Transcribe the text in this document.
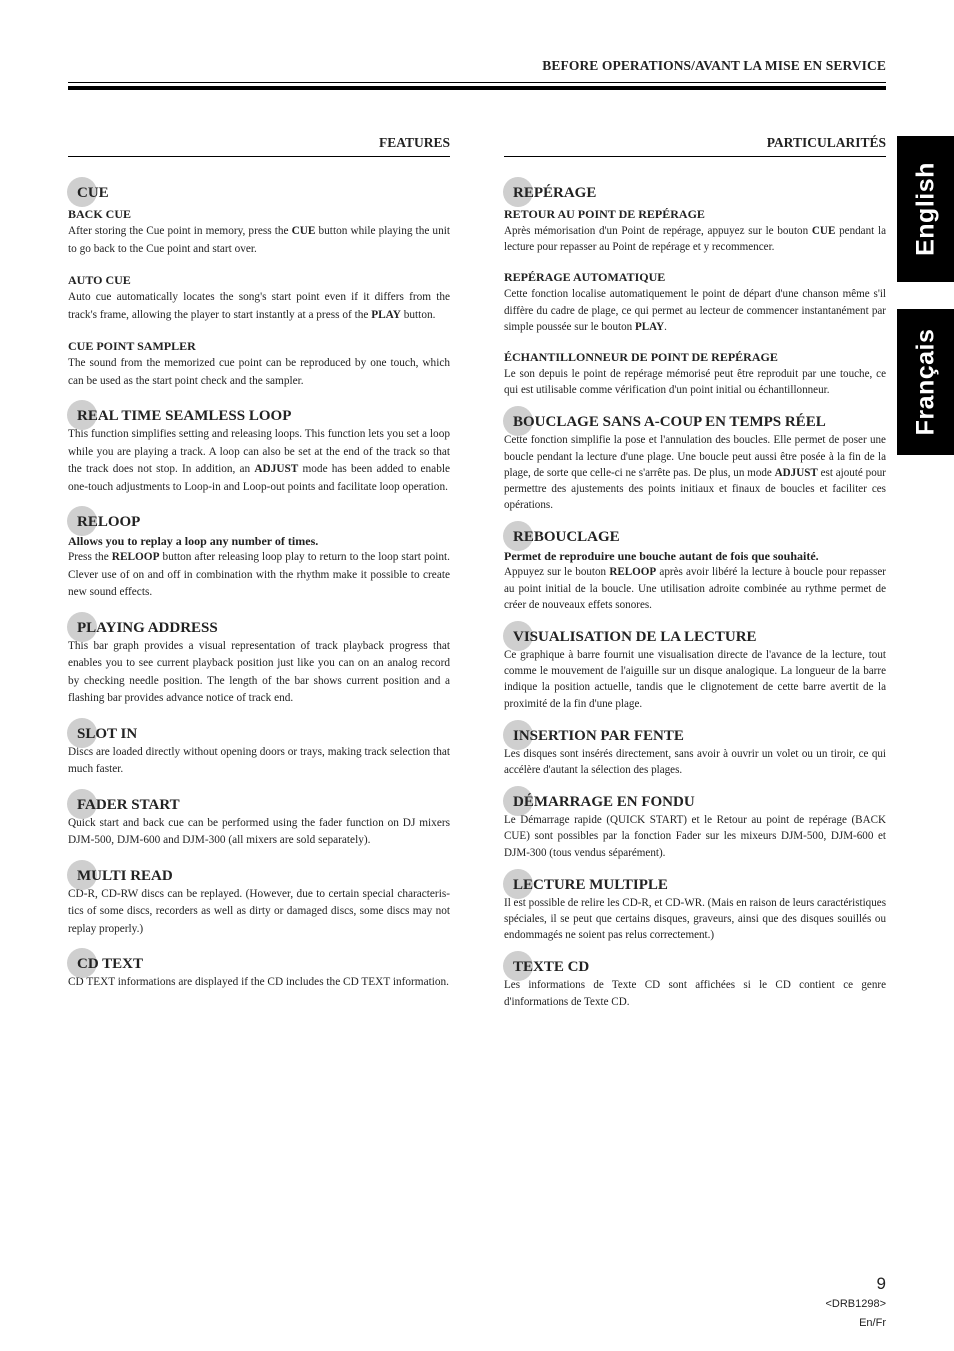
BEFORE OPERATIONS/AVANT LA MISE EN SERVICE
English
Français
FEATURES
CUE
BACK CUE

After storing the Cue point in memory, press the CUE button while playing the unit to go back to the Cue point and start over.

AUTO CUE

Auto cue automatically locates the song's start point even if it differs from the track's frame, allowing the player to start instantly at a press of the PLAY button.

CUE POINT SAMPLER

The sound from the memorized cue point can be reproduced by one touch, which can be used as the start point check and the sampler.

REAL TIME SEAMLESS LOOP

This function simplifies setting and releasing loops. This function lets you set a loop while you are playing a track. A loop can also be set at the end of the track so that the track does not stop. In addition, an ADJUST mode has been added to enable one-touch adjustments to Loop-in and Loop-out points and facilitate loop operation.

RELOOP
Allows you to replay a loop any number of times.

Press the RELOOP button after releasing loop play to return to the loop start point. Clever use of on and off in combination with the rhythm make it possible to create new sound effects.

PLAYING ADDRESS

This bar graph provides a visual representation of track playback progress that enables you to see current playback position just like you can on an analog record by checking needle position. The length of the bar shows current position and a flashing bar provides advance notice of track end.

SLOT IN

Discs are loaded directly without opening doors or trays, making track selection that much faster.

FADER START

Quick start and back cue can be performed using the fader function on DJ mixers DJM-500, DJM-600 and DJM-300 (all mixers are sold separately).

MULTI READ

CD-R, CD-RW discs can be replayed. (However, due to certain special characteris-tics of some discs, recorders as well as dirty or damaged discs, some discs may not replay properly.)

CD TEXT

CD TEXT informations are displayed if the CD includes the CD TEXT information.

PARTICULARITÉS
REPÉRAGE
RETOUR AU POINT DE REPÉRAGE

Après mémorisation d'un Point de repérage, appuyez sur le bouton CUE pendant la lecture pour repasser au Point de repérage et y recommencer.

REPÉRAGE AUTOMATIQUE

Cette fonction localise automatiquement le point de départ d'une chanson même s'il diffère du cadre de plage, ce qui permet au lecteur de commencer instantanément par simple poussée sur le bouton PLAY.

ÉCHANTILLONNEUR DE POINT DE REPÉRAGE

Le son depuis le point de repérage mémorisé peut être reproduit par une touche, ce qui est utilisable comme vérification d'un point initial ou échantillonneur.

BOUCLAGE SANS A-COUP EN TEMPS RÉEL

Cette fonction simplifie la pose et l'annulation des boucles. Elle permet de poser une boucle pendant la lecture d'une plage. Une boucle peut aussi être posée à la fin de la plage, de sorte que celle-ci ne s'arrête pas. De plus, un mode ADJUST est ajouté pour permettre des ajustements des points initiaux et finaux de boucles et faciliter ces opérations.

REBOUCLAGE
Permet de reproduire une bouche autant de fois que souhaité.

Appuyez sur le bouton RELOOP après avoir libéré la lecture à boucle pour repasser au point initial de la boucle. Une utilisation adroite combinée au rythme permet de créer de nouveaux effets sonores.

VISUALISATION DE LA LECTURE

Ce graphique à barre fournit une visualisation directe de l'avance de la lecture, tout comme le mouvement de l'aiguille sur un disque analogique. La longueur de la barre indique la position actuelle, tandis que le clignotement de cette barre avertit de la proximité de la fin d'une plage.

INSERTION PAR FENTE

Les disques sont insérés directement, sans avoir à ouvrir un volet ou un tiroir, ce qui accélère d'autant la sélection des plages.

DÉMARRAGE EN FONDU

Le Démarrage rapide (QUICK START) et le Retour au point de repérage (BACK CUE) sont possibles par la fonction Fader sur les mixeurs DJM-500, DJM-600 et DJM-300 (tous vendus séparément).

LECTURE MULTIPLE

Il est possible de relire les CD-R, et CD-WR. (Mais en raison de leurs caractéristiques spéciales, il se peut que certains disques, graveurs, ainsi que des disques souillés ou endommagés ne soient pas relus correctement.)

TEXTE CD

Les informations de Texte CD sont affichées si le CD contient ce genre d'informations de Texte CD.

9
<DRB1298>
En/Fr
